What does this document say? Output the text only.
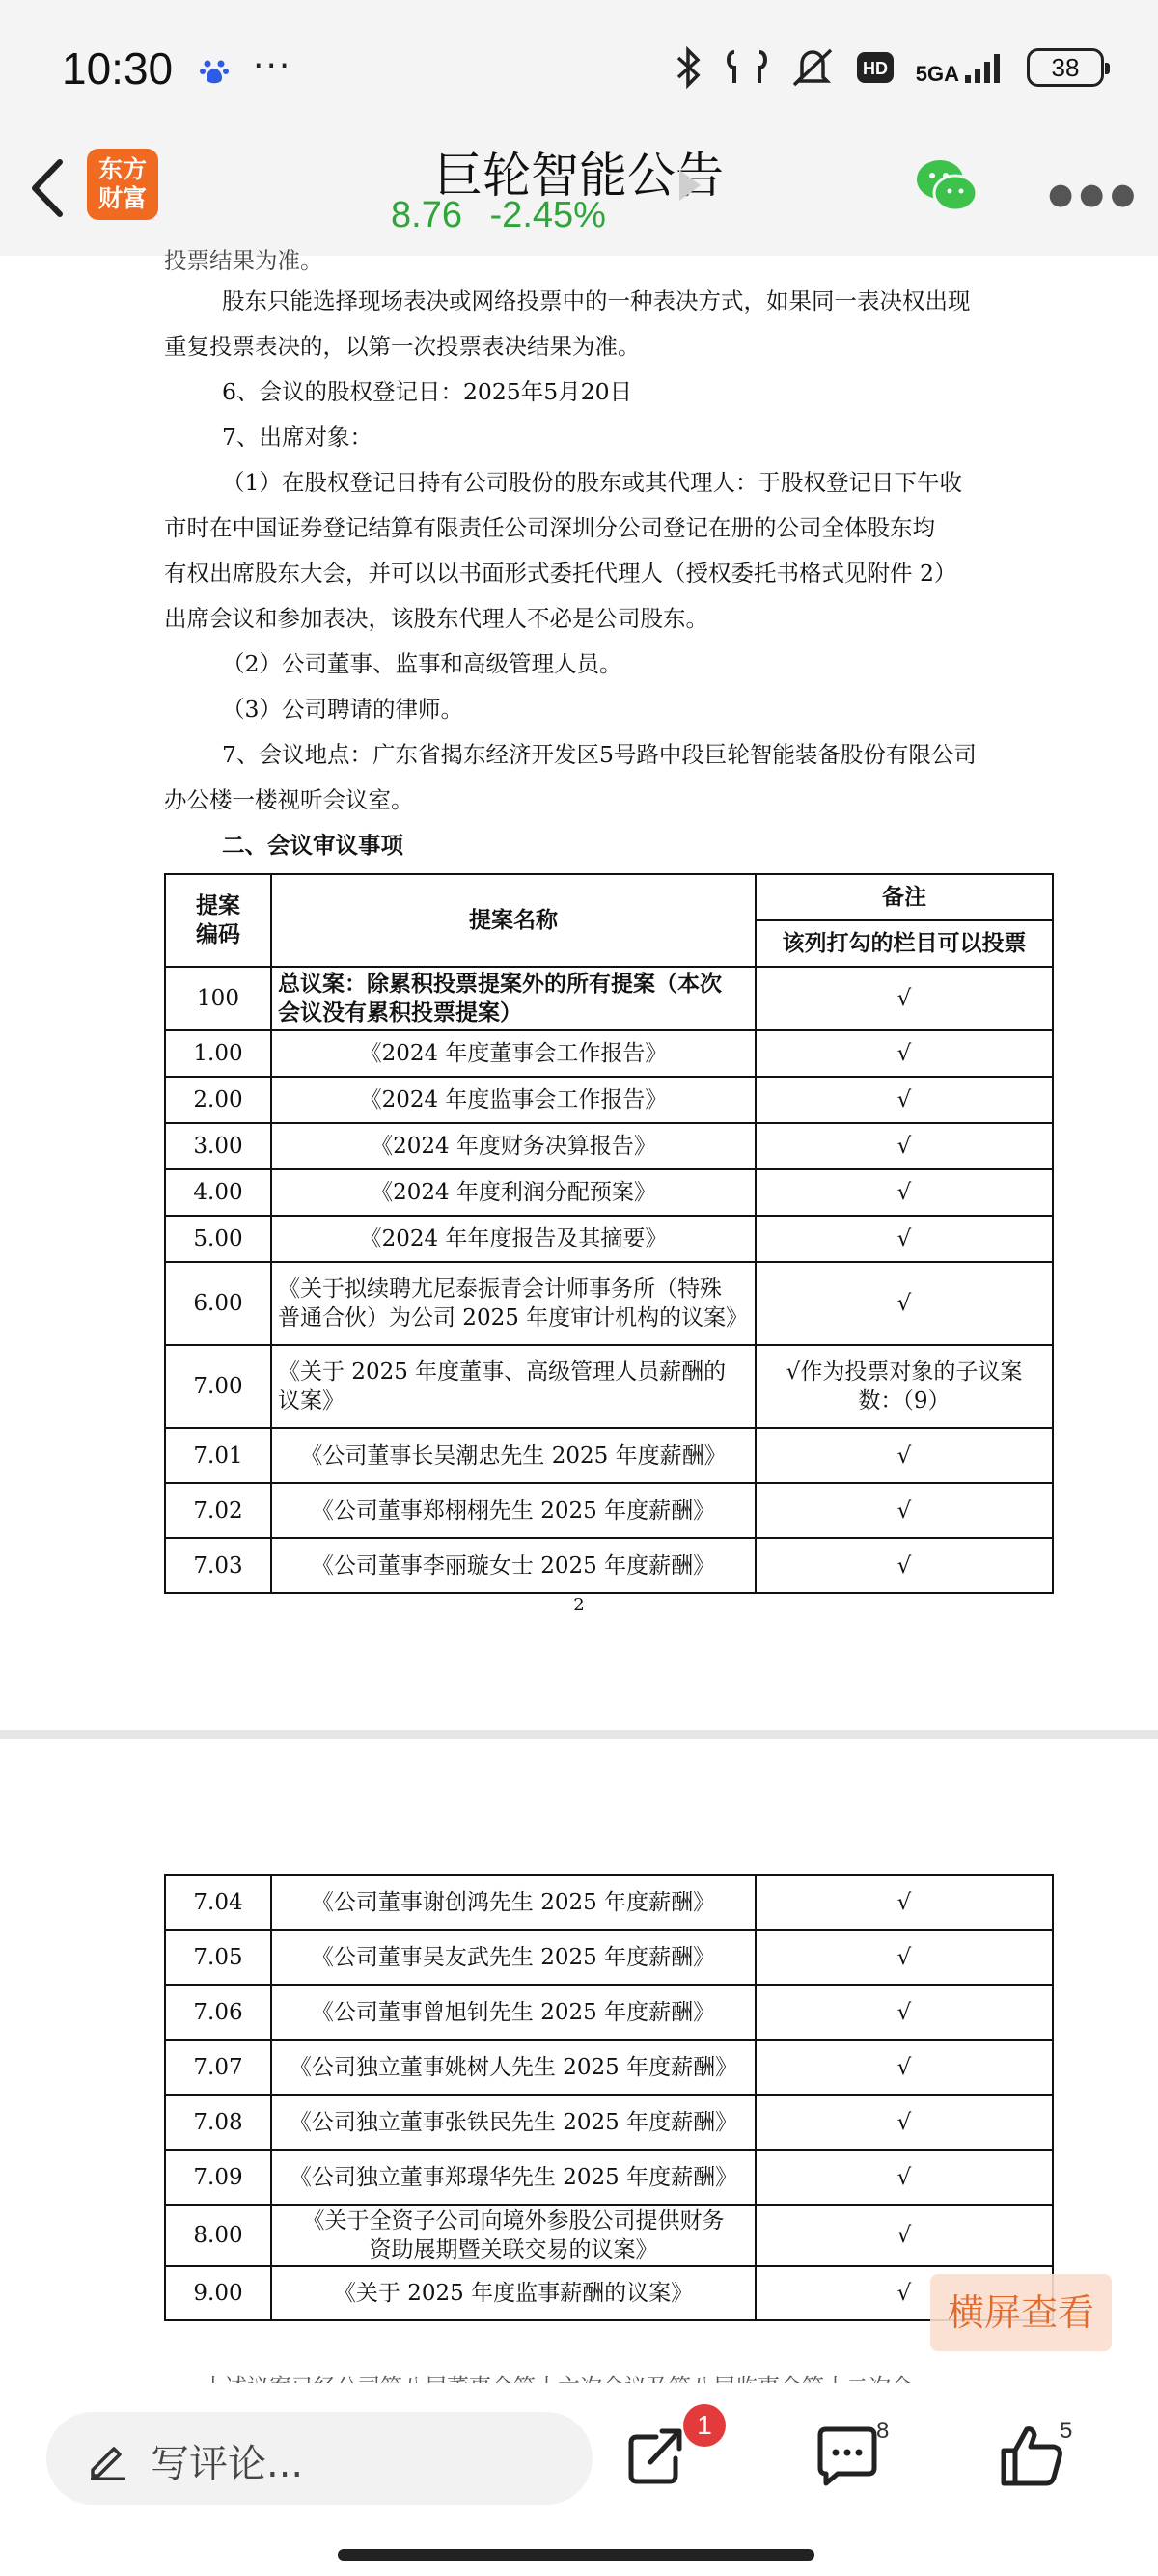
10:30 ···	HD 5GA	38
东方
财富	巨轮智能公告
8.76 -2.45%
●●●
投票结果为准。
股东只能选择现场表决或网络投票中的一种表决方式，如果同一表决权出现
重复投票表决的，以第一次投票表决结果为准。
6、会议的股权登记日：2025年5月20日
7、出席对象：
（1）在股权登记日持有公司股份的股东或其代理人：于股权登记日下午收
市时在中国证券登记结算有限责任公司深圳分公司登记在册的公司全体股东均
有权出席股东大会，并可以以书面形式委托代理人（授权委托书格式见附件 2）
出席会议和参加表决，该股东代理人不必是公司股东。
（2）公司董事、监事和高级管理人员。
（3）公司聘请的律师。
7、会议地点：广东省揭东经济开发区5号路中段巨轮智能装备股份有限公司
办公楼一楼视听会议室。
二、会议审议事项
提案
编码	提案名称	备注
		该列打勾的栏目可以投票
100	总议案：除累积投票提案外的所有提案（本次
会议没有累积投票提案）	√
1.00	《2024 年度董事会工作报告》	√
2.00	《2024 年度监事会工作报告》	√
3.00	《2024 年度财务决算报告》	√
4.00	《2024 年度利润分配预案》	√
5.00	《2024 年年度报告及其摘要》	√
6.00	《关于拟续聘尤尼泰振青会计师事务所（特殊
普通合伙）为公司 2025 年度审计机构的议案》	√
7.00	《关于 2025 年度董事、高级管理人员薪酬的
议案》	√作为投票对象的子议案
数：（9）
7.01	《公司董事长吴潮忠先生 2025 年度薪酬》	√
7.02	《公司董事郑栩栩先生 2025 年度薪酬》	√
7.03	《公司董事李丽璇女士 2025 年度薪酬》	√
2
7.04	《公司董事谢创鸿先生 2025 年度薪酬》	√
7.05	《公司董事吴友武先生 2025 年度薪酬》	√
7.06	《公司董事曾旭钊先生 2025 年度薪酬》	√
7.07	《公司独立董事姚树人先生 2025 年度薪酬》	√
7.08	《公司独立董事张铁民先生 2025 年度薪酬》	√
7.09	《公司独立董事郑璟华先生 2025 年度薪酬》	√
8.00	《关于全资子公司向境外参股公司提供财务
资助展期暨关联交易的议案》	√
9.00	《关于 2025 年度监事薪酬的议案》	√ 横屏查看
写评论...
1	8	5
